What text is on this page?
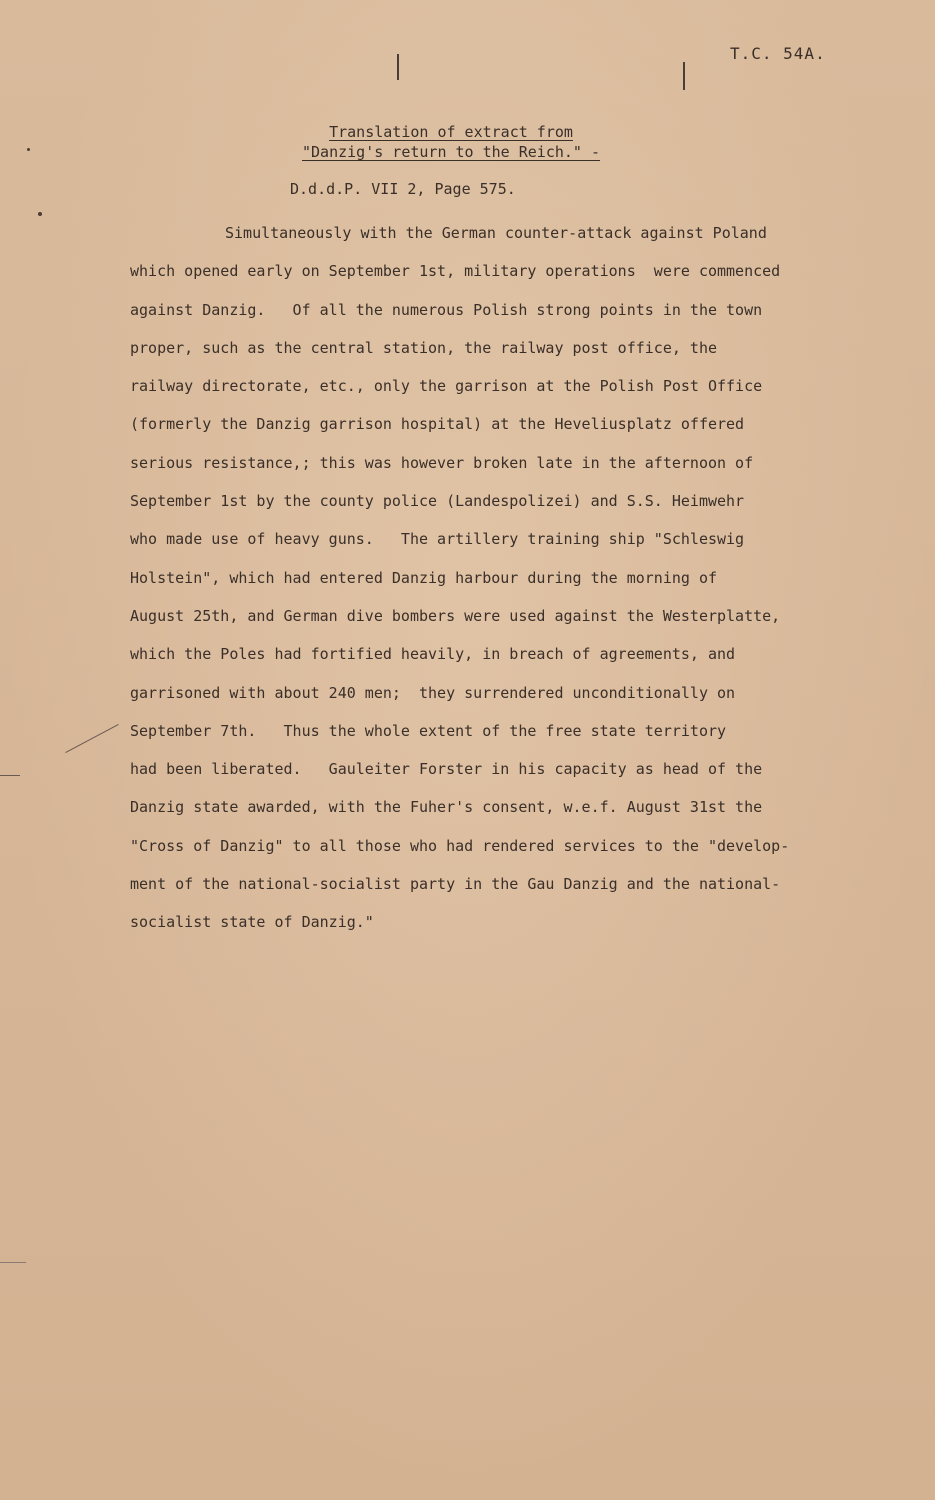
T.C. 54A.
Translation of extract from
"Danzig's return to the Reich." -
D.d.d.P. VII 2, Page 575.
Simultaneously with the German counter-attack against Poland
which opened early on September 1st, military operations  were commenced
against Danzig.   Of all the numerous Polish strong points in the town
proper, such as the central station, the railway post office, the
railway directorate, etc., only the garrison at the Polish Post Office
(formerly the Danzig garrison hospital) at the Heveliusplatz offered
serious resistance,; this was however broken late in the afternoon of
September 1st by the county police (Landespolizei) and S.S. Heimwehr
who made use of heavy guns.   The artillery training ship "Schleswig
Holstein", which had entered Danzig harbour during the morning of
August 25th, and German dive bombers were used against the Westerplatte,
which the Poles had fortified heavily, in breach of agreements, and
garrisoned with about 240 men;  they surrendered unconditionally on
September 7th.   Thus the whole extent of the free state territory
had been liberated.   Gauleiter Forster in his capacity as head of the
Danzig state awarded, with the Fuher's consent, w.e.f. August 31st the
"Cross of Danzig" to all those who had rendered services to the "develop-
ment of the national-socialist party in the Gau Danzig and the national-
socialist state of Danzig."
